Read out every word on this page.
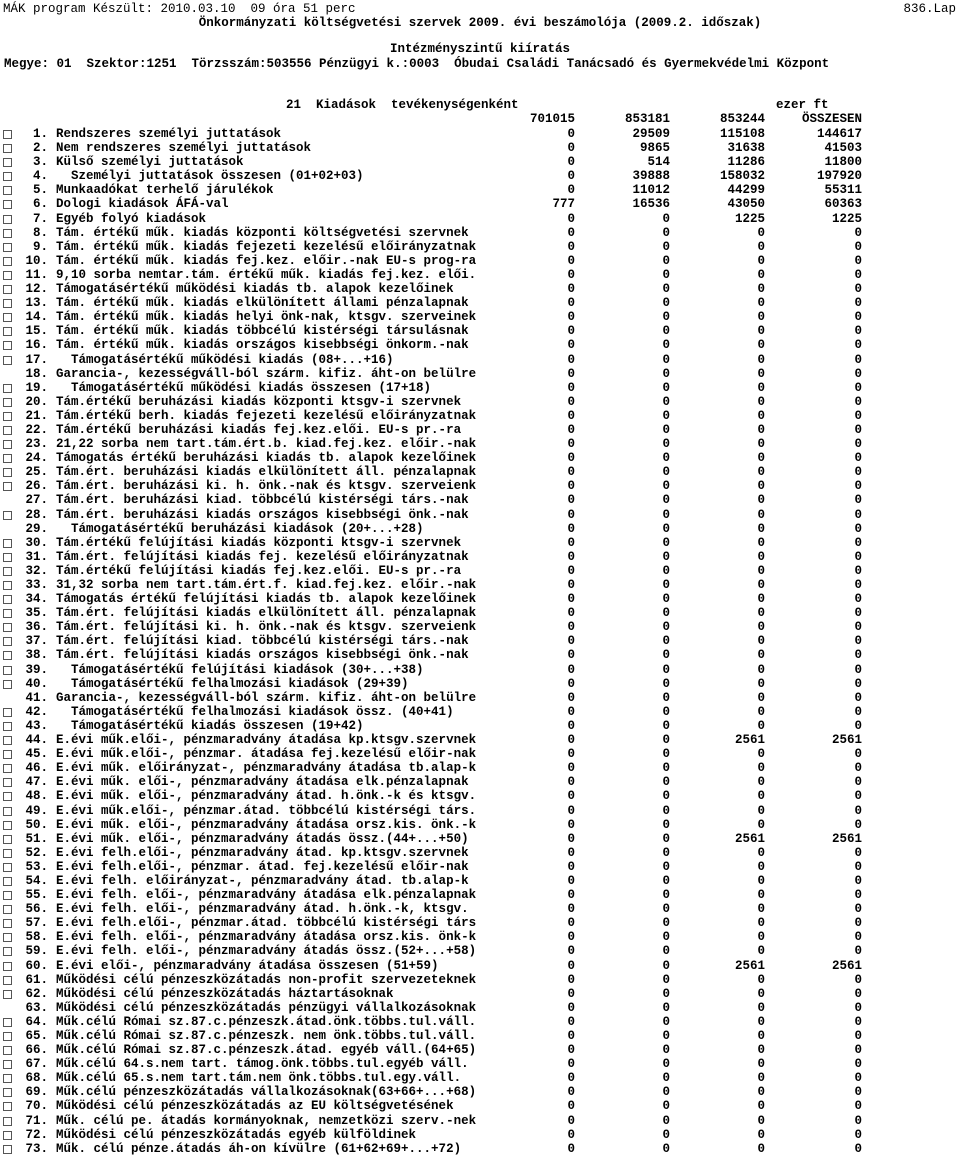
MÁK program Készült: 2010.03.10  09 óra 51 perc	836.Lap
Önkormányzati költségvetési szervek 2009. évi beszámolója (2009.2. időszak)
Intézményszintű kiíratás
Megye: 01  Szektor:1251  Törzsszám:503556 Pénzügyi k.:0003  Óbudai Családi Tanácsadó és Gyermekvédelmi Központ
21  Kiadások  tevékenységenként	ezer ft
701015	853181	853244	ÖSSZESEN
1. Rendszeres személyi juttatások	0	29509	115108	144617
2. Nem rendszeres személyi juttatások	0	9865	31638	41503
3. Külső személyi juttatások	0	514	11286	11800
4. Személyi juttatások összesen (01+02+03)	0	39888	158032	197920
5. Munkaadókat terhelő járulékok	0	11012	44299	55311
6. Dologi kiadások ÁFÁ-val	777	16536	43050	60363
7. Egyéb folyó kiadások	0	0	1225	1225
8. Tám. értékű műk. kiadás központi költségvetési szervnek	0	0	0	0
9. Tám. értékű műk. kiadás fejezeti kezelésű előirányzatnak	0	0	0	0
10. Tám. értékű műk. kiadás fej.kez. előir.-nak EU-s prog-ra	0	0	0	0
11. 9,10 sorba nemtar.tám. értékű műk. kiadás fej.kez. elői.	0	0	0	0
12. Támogatásértékű működési kiadás tb. alapok kezelőinek	0	0	0	0
13. Tám. értékű műk. kiadás elkülönített állami pénzalapnak	0	0	0	0
14. Tám. értékű műk. kiadás helyi önk-nak, ktsgv. szerveinek	0	0	0	0
15. Tám. értékű műk. kiadás többcélú kistérségi társulásnak	0	0	0	0
16. Tám. értékű műk. kiadás országos kisebbségi önkorm.-nak	0	0	0	0
17. Támogatásértékű működési kiadás (08+...+16)	0	0	0	0
18. Garancia-, kezességváll-ból szárm. kifiz. áht-on belülre	0	0	0	0
19. Támogatásértékű működési kiadás összesen (17+18)	0	0	0	0
20. Tám.értékű beruházási kiadás központi ktsgv-i szervnek	0	0	0	0
21. Tám.értékű berh. kiadás fejezeti kezelésű előirányzatnak	0	0	0	0
22. Tám.értékű beruházási kiadás fej.kez.elői. EU-s pr.-ra	0	0	0	0
23. 21,22 sorba nem tart.tám.ért.b. kiad.fej.kez. előir.-nak	0	0	0	0
24. Támogatás értékű beruházási kiadás tb. alapok kezelőinek	0	0	0	0
25. Tám.ért. beruházási kiadás elkülönített áll. pénzalapnak	0	0	0	0
26. Tám.ért. beruházási ki. h. önk.-nak és ktsgv. szerveienk	0	0	0	0
27. Tám.ért. beruházási kiad. többcélú kistérségi társ.-nak	0	0	0	0
28. Tám.ért. beruházási kiadás országos kisebbségi önk.-nak	0	0	0	0
29. Támogatásértékű beruházási kiadások (20+...+28)	0	0	0	0
30. Tám.értékű felújítási kiadás központi ktsgv-i szervnek	0	0	0	0
31. Tám.ért. felújítási kiadás fej. kezelésű előirányzatnak	0	0	0	0
32. Tám.értékű felújítási kiadás fej.kez.elői. EU-s pr.-ra	0	0	0	0
33. 31,32 sorba nem tart.tám.ért.f. kiad.fej.kez. előir.-nak	0	0	0	0
34. Támogatás értékű felújítási kiadás tb. alapok kezelőinek	0	0	0	0
35. Tám.ért. felújítási kiadás elkülönített áll. pénzalapnak	0	0	0	0
36. Tám.ért. felújítási ki. h. önk.-nak és ktsgv. szerveienk	0	0	0	0
37. Tám.ért. felújítási kiad. többcélú kistérségi társ.-nak	0	0	0	0
38. Tám.ért. felújítási kiadás országos kisebbségi önk.-nak	0	0	0	0
39. Támogatásértékű felújítási kiadások (30+...+38)	0	0	0	0
40. Támogatásértékű felhalmozási kiadások (29+39)	0	0	0	0
41. Garancia-, kezességváll-ból szárm. kifiz. áht-on belülre	0	0	0	0
42. Támogatásértékű felhalmozási kiadások össz. (40+41)	0	0	0	0
43. Támogatásértékű kiadás összesen (19+42)	0	0	0	0
44. E.évi műk.elői-, pénzmaradvány átadása kp.ktsgv.szervnek	0	0	2561	2561
45. E.évi műk.elői-, pénzmar. átadása fej.kezelésű előir-nak	0	0	0	0
46. E.évi műk. előirányzat-, pénzmaradvány átadása tb.alap-k	0	0	0	0
47. E.évi műk. elői-, pénzmaradvány átadása elk.pénzalapnak	0	0	0	0
48. E.évi műk. elői-, pénzmaradvány átad. h.önk.-k és ktsgv.	0	0	0	0
49. E.évi műk.elői-, pénzmar.átad. többcélú kistérségi társ.	0	0	0	0
50. E.évi műk. elői-, pénzmaradvány átadása orsz.kis. önk.-k	0	0	0	0
51. E.évi műk. elői-, pénzmaradvány átadás össz.(44+...+50)	0	0	2561	2561
52. E.évi felh.elői-, pénzmaradvány átad. kp.ktsgv.szervnek	0	0	0	0
53. E.évi felh.elői-, pénzmar. átad. fej.kezelésű előir-nak	0	0	0	0
54. E.évi felh. előirányzat-, pénzmaradvány átad. tb.alap-k	0	0	0	0
55. E.évi felh. elői-, pénzmaradvány átadása elk.pénzalapnak	0	0	0	0
56. E.évi felh. elői-, pénzmaradvány átad. h.önk.-k, ktsgv.	0	0	0	0
57. E.évi felh.elői-, pénzmar.átad. többcélú kistérségi társ	0	0	0	0
58. E.évi felh. elői-, pénzmaradvány átadása orsz.kis. önk-k	0	0	0	0
59. E.évi felh. elői-, pénzmaradvány átadás össz.(52+...+58)	0	0	0	0
60. E.évi elői-, pénzmaradvány átadása összesen (51+59)	0	0	2561	2561
61. Működési célú pénzeszközátadás non-profit szervezeteknek	0	0	0	0
62. Működési célú pénzeszközátadás háztartásoknak	0	0	0	0
63. Működési célú pénzeszközátadás pénzügyi vállalkozásoknak	0	0	0	0
64. Műk.célú Római sz.87.c.pénzeszk.átad.önk.többs.tul.váll.	0	0	0	0
65. Műk.célú Római sz.87.c.pénzeszk. nem önk.többs.tul.váll.	0	0	0	0
66. Műk.célú Római sz.87.c.pénzeszk.átad. egyéb váll.(64+65)	0	0	0	0
67. Műk.célú 64.s.nem tart. támog.önk.többs.tul.egyéb váll.	0	0	0	0
68. Műk.célú 65.s.nem tart.tám.nem önk.többs.tul.egy.váll.	0	0	0	0
69. Műk.célú pénzeszközátadás vállalkozásoknak(63+66+...+68)	0	0	0	0
70. Működési célú pénzeszközátadás az EU költségvetésének	0	0	0	0
71. Műk. célú pe. átadás kormányoknak, nemzetközi szerv.-nek	0	0	0	0
72. Működési célú pénzeszközátadás egyéb külföldinek	0	0	0	0
73. Műk. célú pénze.átadás áh-on kívülre (61+62+69+...+72)	0	0	0	0
